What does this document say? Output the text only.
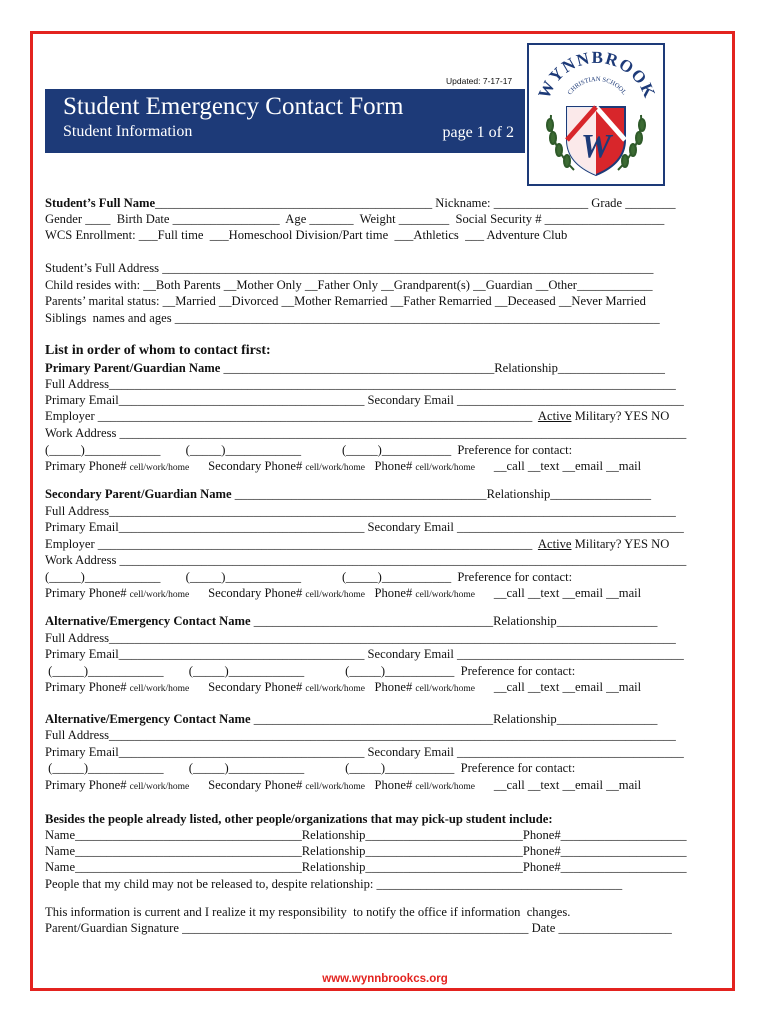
Updated: 7-17-17
Student Emergency Contact Form
Student Information	page 1 of 2
WYNNBROOK
CHRISTIAN SCHOOL
W
Student’s Full Name____________________________________________ Nickname: _______________ Grade ________
Gender ____  Birth Date _________________  Age _______  Weight ________  Social Security # ___________________
WCS Enrollment: ___Full time  ___Homeschool Division/Part time  ___Athletics  ___ Adventure Club
Student’s Full Address ______________________________________________________________________________
Child resides with: __Both Parents __Mother Only __Father Only __Grandparent(s) __Guardian __Other____________
Parents’ marital status: __Married __Divorced __Mother Remarried __Father Remarried __Deceased __Never Married
Siblings  names and ages _____________________________________________________________________________
List in order of whom to contact first:
Primary Parent/Guardian Name ___________________________________________Relationship_________________
Full Address__________________________________________________________________________________________
Primary Email_______________________________________ Secondary Email ____________________________________
Employer _____________________________________________________________________  Active Military? YES NO
Work Address __________________________________________________________________________________________
(_____)____________        (_____)____________             (_____)___________  Preference for contact:
Primary Phone# cell/work/home      Secondary Phone# cell/work/home   Phone# cell/work/home      __call __text __email __mail
Secondary Parent/Guardian Name ________________________________________Relationship________________
Full Address__________________________________________________________________________________________
Primary Email_______________________________________ Secondary Email ____________________________________
Employer _____________________________________________________________________  Active Military? YES NO
Work Address __________________________________________________________________________________________
(_____)____________        (_____)____________             (_____)___________  Preference for contact:
Primary Phone# cell/work/home      Secondary Phone# cell/work/home   Phone# cell/work/home      __call __text __email __mail
Alternative/Emergency Contact Name ______________________________________Relationship________________
Full Address__________________________________________________________________________________________
Primary Email_______________________________________ Secondary Email ____________________________________
(_____)____________        (_____)____________             (_____)___________  Preference for contact:
Primary Phone# cell/work/home      Secondary Phone# cell/work/home   Phone# cell/work/home      __call __text __email __mail
Alternative/Emergency Contact Name ______________________________________Relationship________________
Full Address__________________________________________________________________________________________
Primary Email_______________________________________ Secondary Email ____________________________________
(_____)____________        (_____)____________             (_____)___________  Preference for contact:
Primary Phone# cell/work/home      Secondary Phone# cell/work/home   Phone# cell/work/home      __call __text __email __mail
Besides the people already listed, other people/organizations that may pick-up student include:
Name____________________________________Relationship_________________________Phone#____________________
Name____________________________________Relationship_________________________Phone#____________________
Name____________________________________Relationship_________________________Phone#____________________
People that my child may not be released to, despite relationship: _______________________________________
This information is current and I realize it my responsibility  to notify the office if information  changes.
Parent/Guardian Signature _______________________________________________________ Date __________________
www.wynnbrookcs.org
